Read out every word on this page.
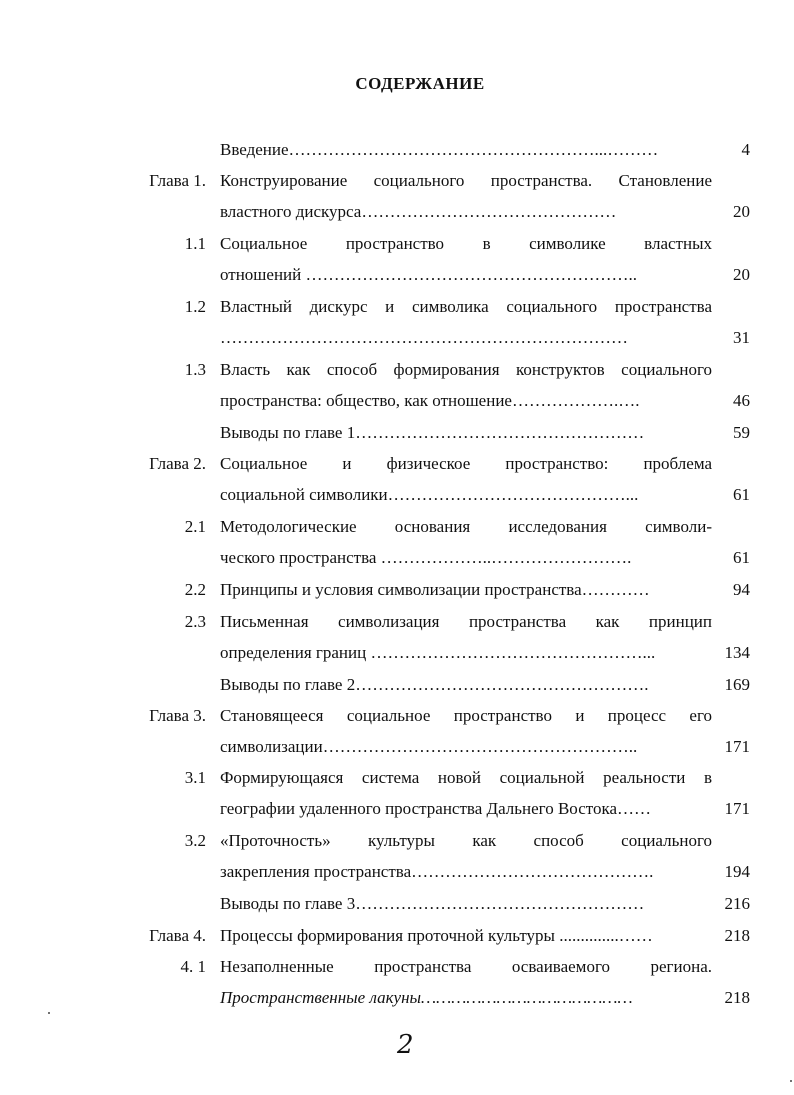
СОДЕРЖАНИЕ
Введение………………………………………………...………	4
Глава 1. Конструирование социального пространства. Становление
властного дискурса………………………………………	20
1.1 Социальное пространство в символике властных
отношений …………………………………………………..	20
1.2 Властный дискурс и символика социального пространства
………………………………………………………………	31
1.3 Власть как способ формирования конструктов социального
пространства: общество, как отношение……………….….	46
Выводы по главе 1……………………………………………	59
Глава 2. Социальное и физическое пространство: проблема
социальной символики……………………………………...	61
2.1 Методологические основания исследования символи-
ческого пространства ………………..…………………….	61
2.2 Принципы и условия символизации пространства…………	94
2.3 Письменная символизация пространства как принцип
определения границ …………………………………………...	134
Выводы по главе 2…………………………………………….	169
Глава 3. Становящееся социальное пространство и процесс его
символизации………………………………………………..	171
3.1 Формирующаяся система новой социальной реальности в
географии удаленного пространства Дальнего Востока……	171
3.2 «Проточность» культуры как способ социального
закрепления пространства…………………………………….	194
Выводы по главе 3……………………………………………	216
Глава 4. Процессы формирования проточной культуры ..............……	218
4. 1 Незаполненные пространства осваиваемого региона.
Пространственные лакуны……………………………………	218
2
